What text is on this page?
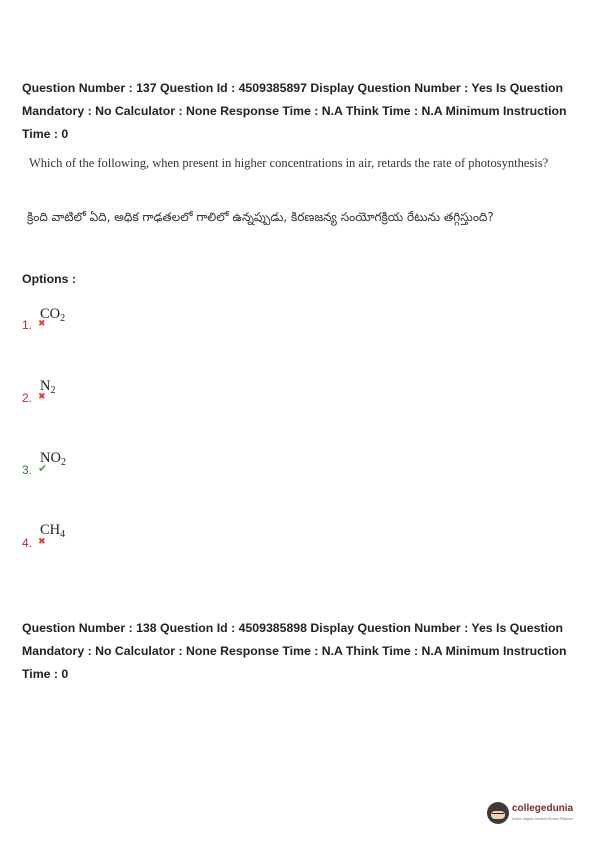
Question Number : 137 Question Id : 4509385897 Display Question Number : Yes Is Question Mandatory : No Calculator : None Response Time : N.A Think Time : N.A Minimum Instruction Time : 0
Which of the following, when present in higher concentrations in air, retards the rate of photosynthesis?
క్రింది వాటిలో ఏది, అధిక గాఢతలలో గాలిలో ఉన్నప్పుడు, కిరణజన్య సంయోగక్రియ రేటును తగ్గిస్తుంది?
Options :
1. ✖
$CO_2$
2. ✖
$N_2$
3. ✔
$NO_2$
4. ✖
$CH_4$
Question Number : 138 Question Id : 4509385898 Display Question Number : Yes Is Question Mandatory : No Calculator : None Response Time : N.A Think Time : N.A Minimum Instruction Time : 0
collegedunia
India's largest Student Review Platform
